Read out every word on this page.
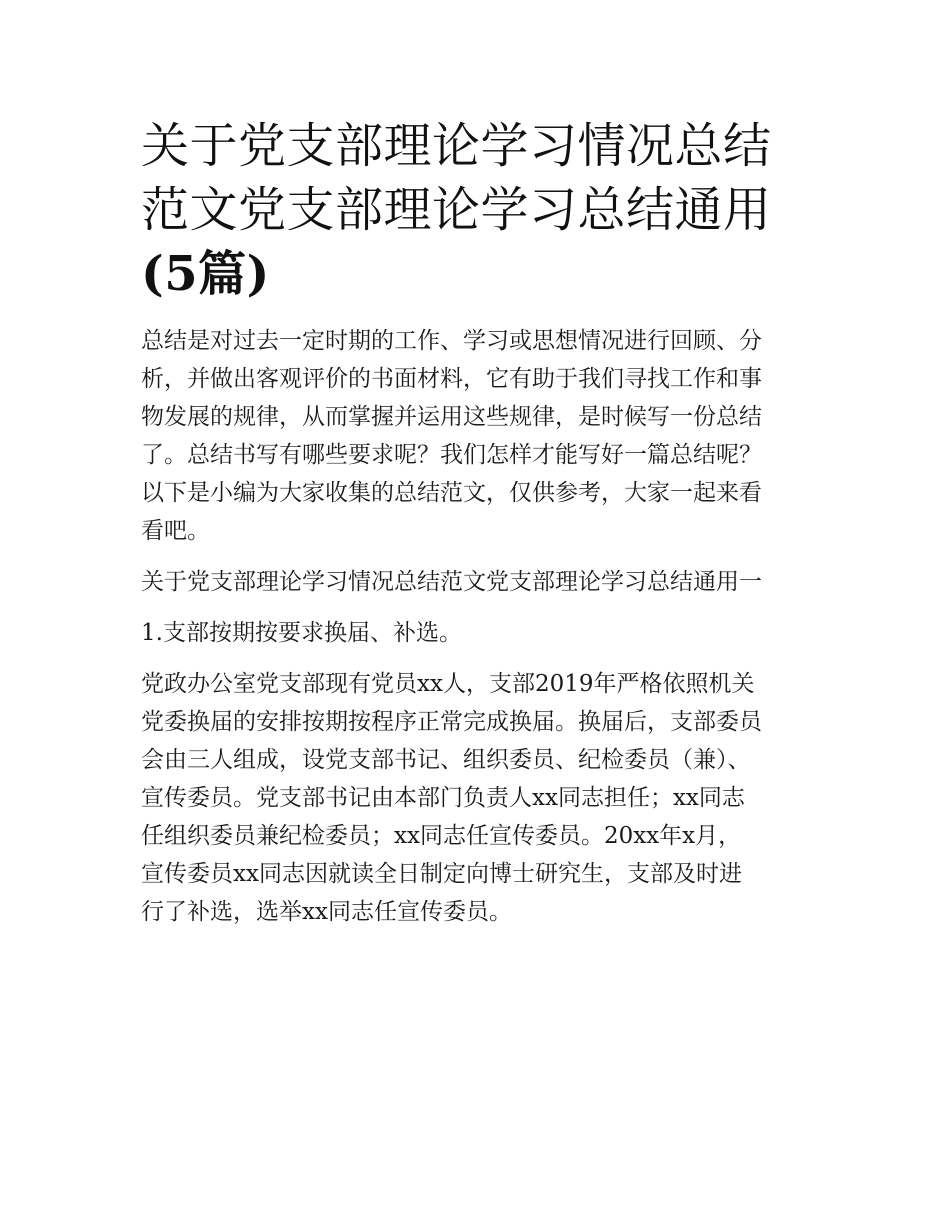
关于党支部理论学习情况总结
范文党支部理论学习总结通用
(5篇)

总结是对过去一定时期的工作、学习或思想情况进行回顾、分
析，并做出客观评价的书面材料，它有助于我们寻找工作和事
物发展的规律，从而掌握并运用这些规律，是时候写一份总结
了。总结书写有哪些要求呢？我们怎样才能写好一篇总结呢？
以下是小编为大家收集的总结范文，仅供参考，大家一起来看
看吧。

关于党支部理论学习情况总结范文党支部理论学习总结通用一

1.支部按期按要求换届、补选。

党政办公室党支部现有党员xx人，支部2019年严格依照机关
党委换届的安排按期按程序正常完成换届。换届后，支部委员
会由三人组成，设党支部书记、组织委员、纪检委员（兼）、
宣传委员。党支部书记由本部门负责人xx同志担任；xx同志
任组织委员兼纪检委员；xx同志任宣传委员。20xx年x月，
宣传委员xx同志因就读全日制定向博士研究生，支部及时进
行了补选，选举xx同志任宣传委员。
